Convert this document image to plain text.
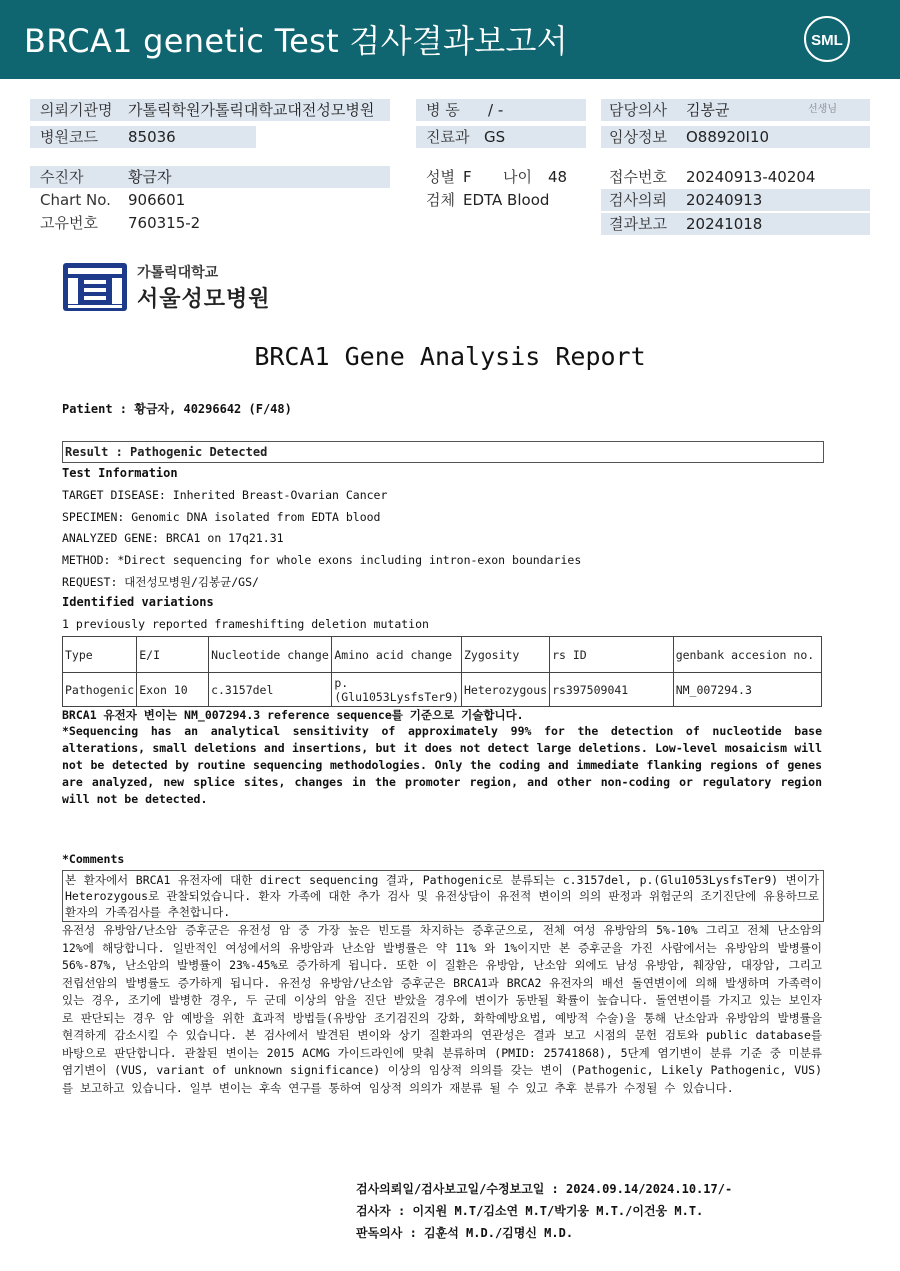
BRCA1 genetic Test 검사결과보고서	SML
의뢰기관명 가톨릭학원가톨릭대학교대전성모병원
병원코드 85036
병 동 / -
진료과 GS
담당의사 김봉균	선생님
임상정보 O88920I10
수진자	황금자
Chart No. 906601
고유번호 760315-2
성별 F 나이 48
검체 EDTA Blood
접수번호 20240913-40204
검사의뢰 20240913
결과보고 20241018
가톨릭대학교
서울성모병원
BRCA1 Gene Analysis Report
Patient : 황금자, 40296642 (F/48)
Result : Pathogenic Detected
Test Information
TARGET DISEASE: Inherited Breast-Ovarian Cancer
SPECIMEN: Genomic DNA isolated from EDTA blood
ANALYZED GENE: BRCA1 on 17q21.31
METHOD: *Direct sequencing for whole exons including intron-exon boundaries
REQUEST: 대전성모병원/김봉균/GS/
Identified variations
1 previously reported frameshifting deletion mutation
Type	E/I	Nucleotide change	Amino acid change	Zygosity	rs ID	genbank accesion no.
Pathogenic	Exon 10	c.3157del	p.(Glu1053LysfsTer9)	Heterozygous	rs397509041	NM_007294.3
BRCA1 유전자 변이는 NM_007294.3 reference sequence를 기준으로 기술합니다.
*Sequencing has an analytical sensitivity of approximately 99% for the detection of nucleotide base alterations, small deletions and insertions, but it does not detect large deletions. Low-level mosaicism will not be detected by routine sequencing methodologies. Only the coding and immediate flanking regions of genes are analyzed, new splice sites, changes in the promoter region, and other non-coding or regulatory region will not be detected.
*Comments
본 환자에서 BRCA1 유전자에 대한 direct sequencing 결과, Pathogenic로 분류되는 c.3157del, p.(Glu1053LysfsTer9) 변이가 Heterozygous로 관찰되었습니다. 환자 가족에 대한 추가 검사 및 유전상담이 유전적 변이의 의의 판정과 위험군의 조기진단에 유용하므로 환자의 가족검사를 추천합니다.
유전성 유방암/난소암 증후군은 유전성 암 중 가장 높은 빈도를 차지하는 증후군으로, 전체 여성 유방암의 5%-10% 그리고 전체 난소암의 12%에 해당합니다. 일반적인 여성에서의 유방암과 난소암 발병률은 약 11% 와 1%이지만 본 증후군을 가진 사람에서는 유방암의 발병률이 56%-87%, 난소암의 발병률이 23%-45%로 증가하게 됩니다. 또한 이 질환은 유방암, 난소암 외에도 남성 유방암, 췌장암, 대장암, 그리고 전립선암의 발병률도 증가하게 됩니다. 유전성 유방암/난소암 증후군은 BRCA1과 BRCA2 유전자의 배선 돌연변이에 의해 발생하며 가족력이 있는 경우, 조기에 발병한 경우, 두 군데 이상의 암을 진단 받았을 경우에 변이가 동반될 확률이 높습니다. 돌연변이를 가지고 있는 보인자로 판단되는 경우 암 예방을 위한 효과적 방법들(유방암 조기검진의 강화, 화학예방요법, 예방적 수술)을 통해 난소암과 유방암의 발병률을 현격하게 감소시킬 수 있습니다. 본 검사에서 발견된 변이와 상기 질환과의 연관성은 결과 보고 시점의 문헌 검토와 public database를 바탕으로 판단합니다. 관찰된 변이는 2015 ACMG 가이드라인에 맞춰 분류하며 (PMID: 25741868), 5단계 염기변이 분류 기준 중 미분류 염기변이 (VUS, variant of unknown significance) 이상의 임상적 의의를 갖는 변이 (Pathogenic, Likely Pathogenic, VUS) 를 보고하고 있습니다. 일부 변이는 후속 연구를 통하여 임상적 의의가 재분류 될 수 있고 추후 분류가 수정될 수 있습니다.
검사의뢰일/검사보고일/수정보고일 : 2024.09.14/2024.10.17/-
검사자 : 이지원 M.T/김소연 M.T/박기웅 M.T./이건웅 M.T.
판독의사 : 김훈석 M.D./김명신 M.D.
